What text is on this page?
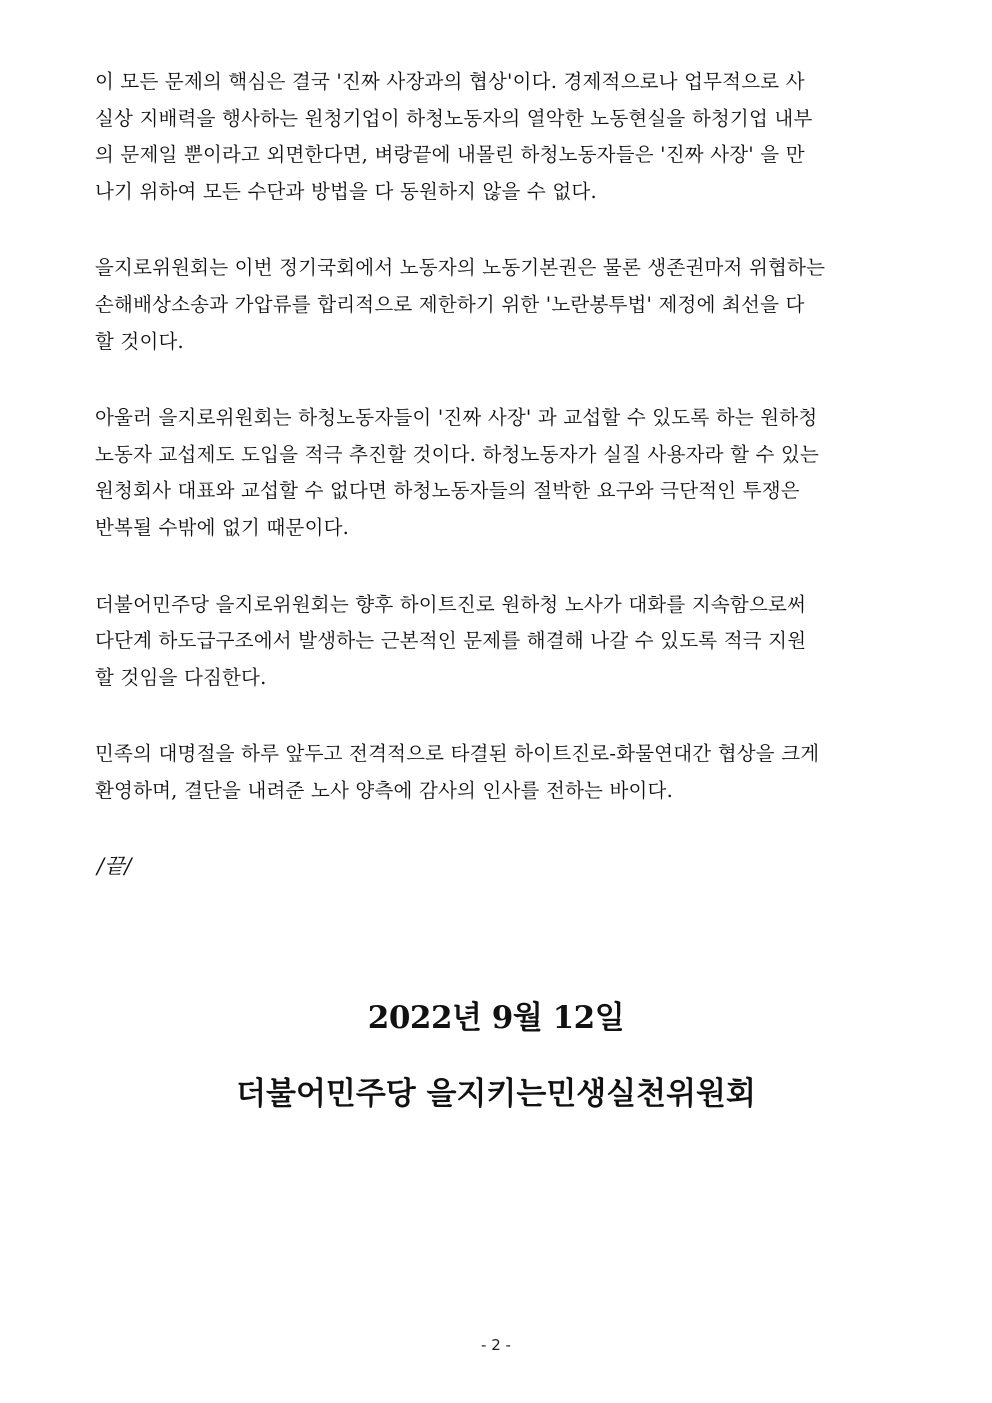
이 모든 문제의 핵심은 결국 '진짜 사장과의 협상'이다. 경제적으로나 업무적으로 사
실상 지배력을 행사하는 원청기업이 하청노동자의 열악한 노동현실을 하청기업 내부
의 문제일 뿐이라고 외면한다면, 벼랑끝에 내몰린 하청노동자들은 '진짜 사장' 을 만
나기 위하여 모든 수단과 방법을 다 동원하지 않을 수 없다.

을지로위원회는 이번 정기국회에서 노동자의 노동기본권은 물론 생존권마저 위협하는
손해배상소송과 가압류를 합리적으로 제한하기 위한 '노란봉투법' 제정에 최선을 다
할 것이다.

아울러 을지로위원회는 하청노동자들이 '진짜 사장' 과 교섭할 수 있도록 하는 원하청
노동자 교섭제도 도입을 적극 추진할 것이다. 하청노동자가 실질 사용자라 할 수 있는
원청회사 대표와 교섭할 수 없다면 하청노동자들의 절박한 요구와 극단적인 투쟁은
반복될 수밖에 없기 때문이다.

더불어민주당 을지로위원회는 향후 하이트진로 원하청 노사가 대화를 지속함으로써
다단계 하도급구조에서 발생하는 근본적인 문제를 해결해 나갈 수 있도록 적극 지원
할 것임을 다짐한다.

민족의 대명절을 하루 앞두고 전격적으로 타결된 하이트진로-화물연대간 협상을 크게
환영하며, 결단을 내려준 노사 양측에 감사의 인사를 전하는 바이다.

/끝/
2022년 9월 12일
더불어민주당 을지키는민생실천위원회
- 2 -
